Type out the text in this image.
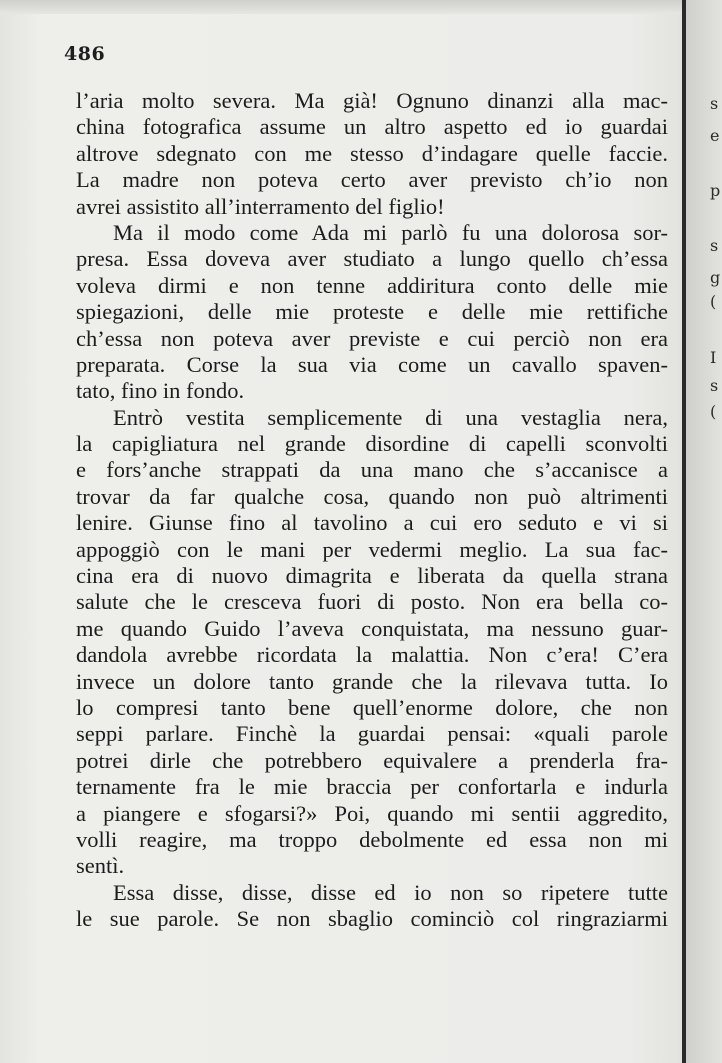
486
l’aria molto severa. Ma già! Ognuno dinanzi alla mac-
china fotografica assume un altro aspetto ed io guardai
altrove sdegnato con me stesso d’indagare quelle faccie.
La madre non poteva certo aver previsto ch’io non
avrei assistito all’interramento del figlio!
Ma il modo come Ada mi parlò fu una dolorosa sor-
presa. Essa doveva aver studiato a lungo quello ch’essa
voleva dirmi e non tenne addiritura conto delle mie
spiegazioni, delle mie proteste e delle mie rettifiche
ch’essa non poteva aver previste e cui perciò non era
preparata. Corse la sua via come un cavallo spaven-
tato, fino in fondo.
Entrò vestita semplicemente di una vestaglia nera,
la capigliatura nel grande disordine di capelli sconvolti
e fors’anche strappati da una mano che s’accanisce a
trovar da far qualche cosa, quando non può altrimenti
lenire. Giunse fino al tavolino a cui ero seduto e vi si
appoggiò con le mani per vedermi meglio. La sua fac-
cina era di nuovo dimagrita e liberata da quella strana
salute che le cresceva fuori di posto. Non era bella co-
me quando Guido l’aveva conquistata, ma nessuno guar-
dandola avrebbe ricordata la malattia. Non c’era! C’era
invece un dolore tanto grande che la rilevava tutta. Io
lo compresi tanto bene quell’enorme dolore, che non
seppi parlare. Finchè la guardai pensai: «quali parole
potrei dirle che potrebbero equivalere a prenderla fra-
ternamente fra le mie braccia per confortarla e indurla
a piangere e sfogarsi?» Poi, quando mi sentii aggredito,
volli reagire, ma troppo debolmente ed essa non mi
sentì.
Essa disse, disse, disse ed io non so ripetere tutte
le sue parole. Se non sbaglio cominciò col ringraziarmi
s
e
p
s
g
(
I
s
(
